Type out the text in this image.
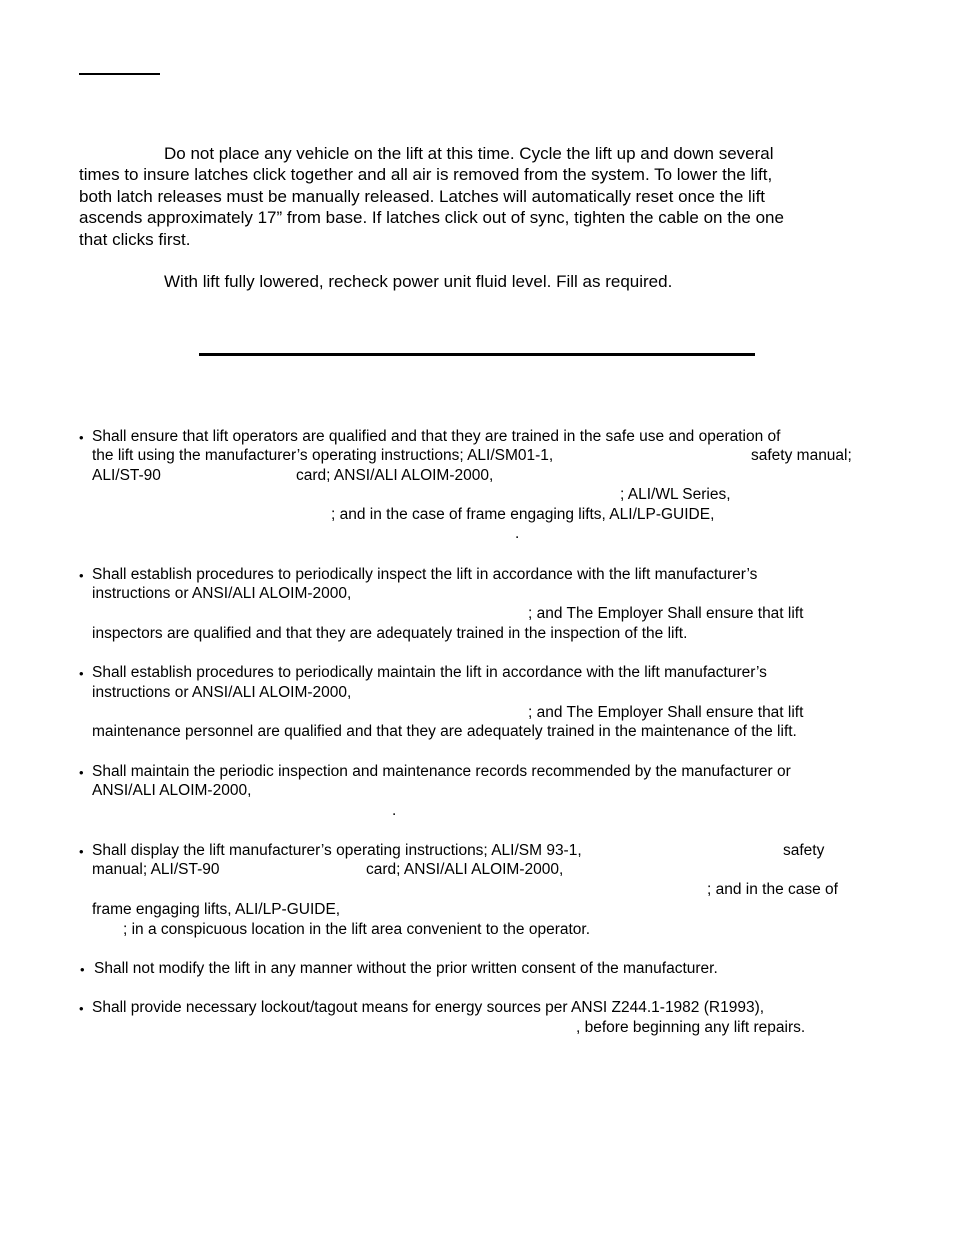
Do not place any vehicle on the lift at this time. Cycle the lift up and down several
times to insure latches click together and all air is removed from the system. To lower the lift,
both latch releases must be manually released. Latches will automatically reset once the lift
ascends approximately 17” from base. If latches click out of sync, tighten the cable on the one
that clicks first.
With lift fully lowered, recheck power unit fluid level. Fill as required.
• Shall ensure that lift operators are qualified and that they are trained in the safe use and operation of
the lift using the manufacturer’s operating instructions; ALI/SM01-1,	safety manual;
ALI/ST-90	card; ANSI/ALI ALOIM-2000,
; ALI/WL Series,
; and in the case of frame engaging lifts, ALI/LP-GUIDE,
.
• Shall establish procedures to periodically inspect the lift in accordance with the lift manufacturer’s
instructions or ANSI/ALI ALOIM-2000,
; and The Employer Shall ensure that lift
inspectors are qualified and that they are adequately trained in the inspection of the lift.
• Shall establish procedures to periodically maintain the lift in accordance with the lift manufacturer’s
instructions or ANSI/ALI ALOIM-2000,
; and The Employer Shall ensure that lift
maintenance personnel are qualified and that they are adequately trained in the maintenance of the lift.
• Shall maintain the periodic inspection and maintenance records recommended by the manufacturer or
ANSI/ALI ALOIM-2000,
.
• Shall display the lift manufacturer’s operating instructions; ALI/SM 93-1,	safety
manual; ALI/ST-90	card; ANSI/ALI ALOIM-2000,
; and in the case of
frame engaging lifts, ALI/LP-GUIDE,
; in a conspicuous location in the lift area convenient to the operator.
• Shall not modify the lift in any manner without the prior written consent of the manufacturer.
• Shall provide necessary lockout/tagout means for energy sources per ANSI Z244.1-1982 (R1993),
, before beginning any lift repairs.
